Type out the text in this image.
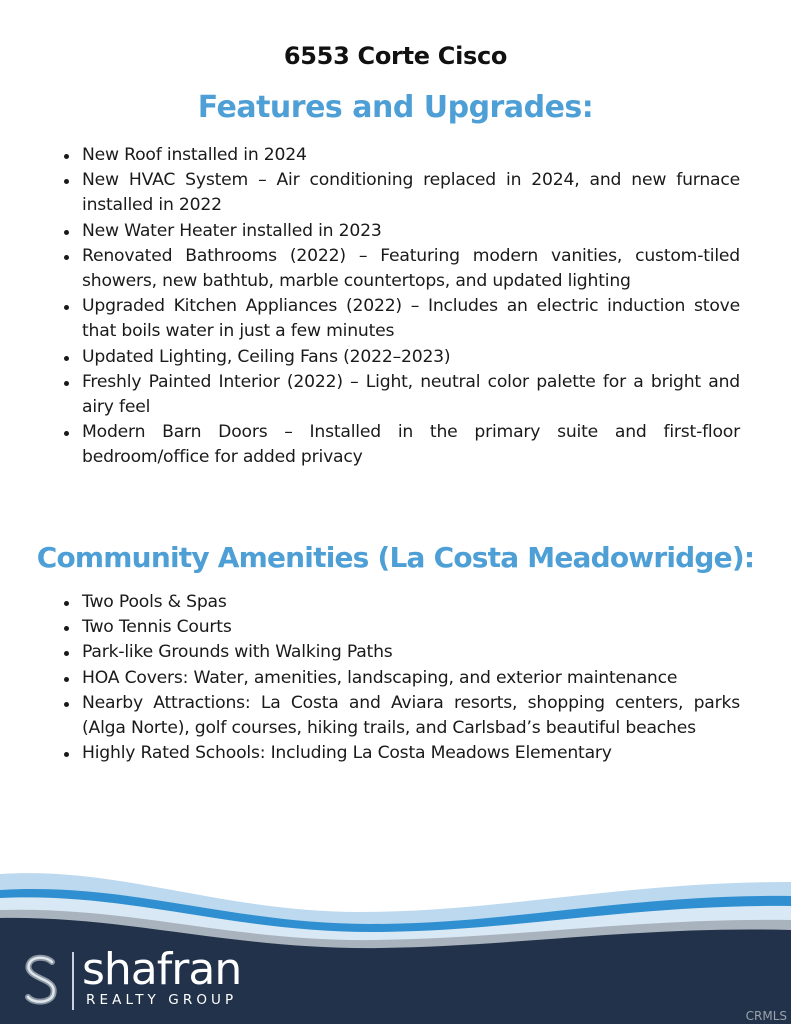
6553 Corte Cisco
Features and Upgrades:
New Roof installed in 2024
New HVAC System – Air conditioning replaced in 2024, and new furnace installed in 2022
New Water Heater installed in 2023
Renovated Bathrooms (2022) – Featuring modern vanities, custom-tiled showers, new bathtub, marble countertops, and updated lighting
Upgraded Kitchen Appliances (2022) – Includes an electric induction stove that boils water in just a few minutes
Updated Lighting, Ceiling Fans (2022–2023)
Freshly Painted Interior (2022) – Light, neutral color palette for a bright and airy feel
Modern Barn Doors – Installed in the primary suite and first-floor bedroom/office for added privacy
Community Amenities (La Costa Meadowridge):
Two Pools & Spas
Two Tennis Courts
Park-like Grounds with Walking Paths
HOA Covers: Water, amenities, landscaping, and exterior maintenance
Nearby Attractions: La Costa and Aviara resorts, shopping centers, parks (Alga Norte), golf courses, hiking trails, and Carlsbad’s beautiful beaches
Highly Rated Schools: Including La Costa Meadows Elementary
shafran
REALTY GROUP
CRMLS
